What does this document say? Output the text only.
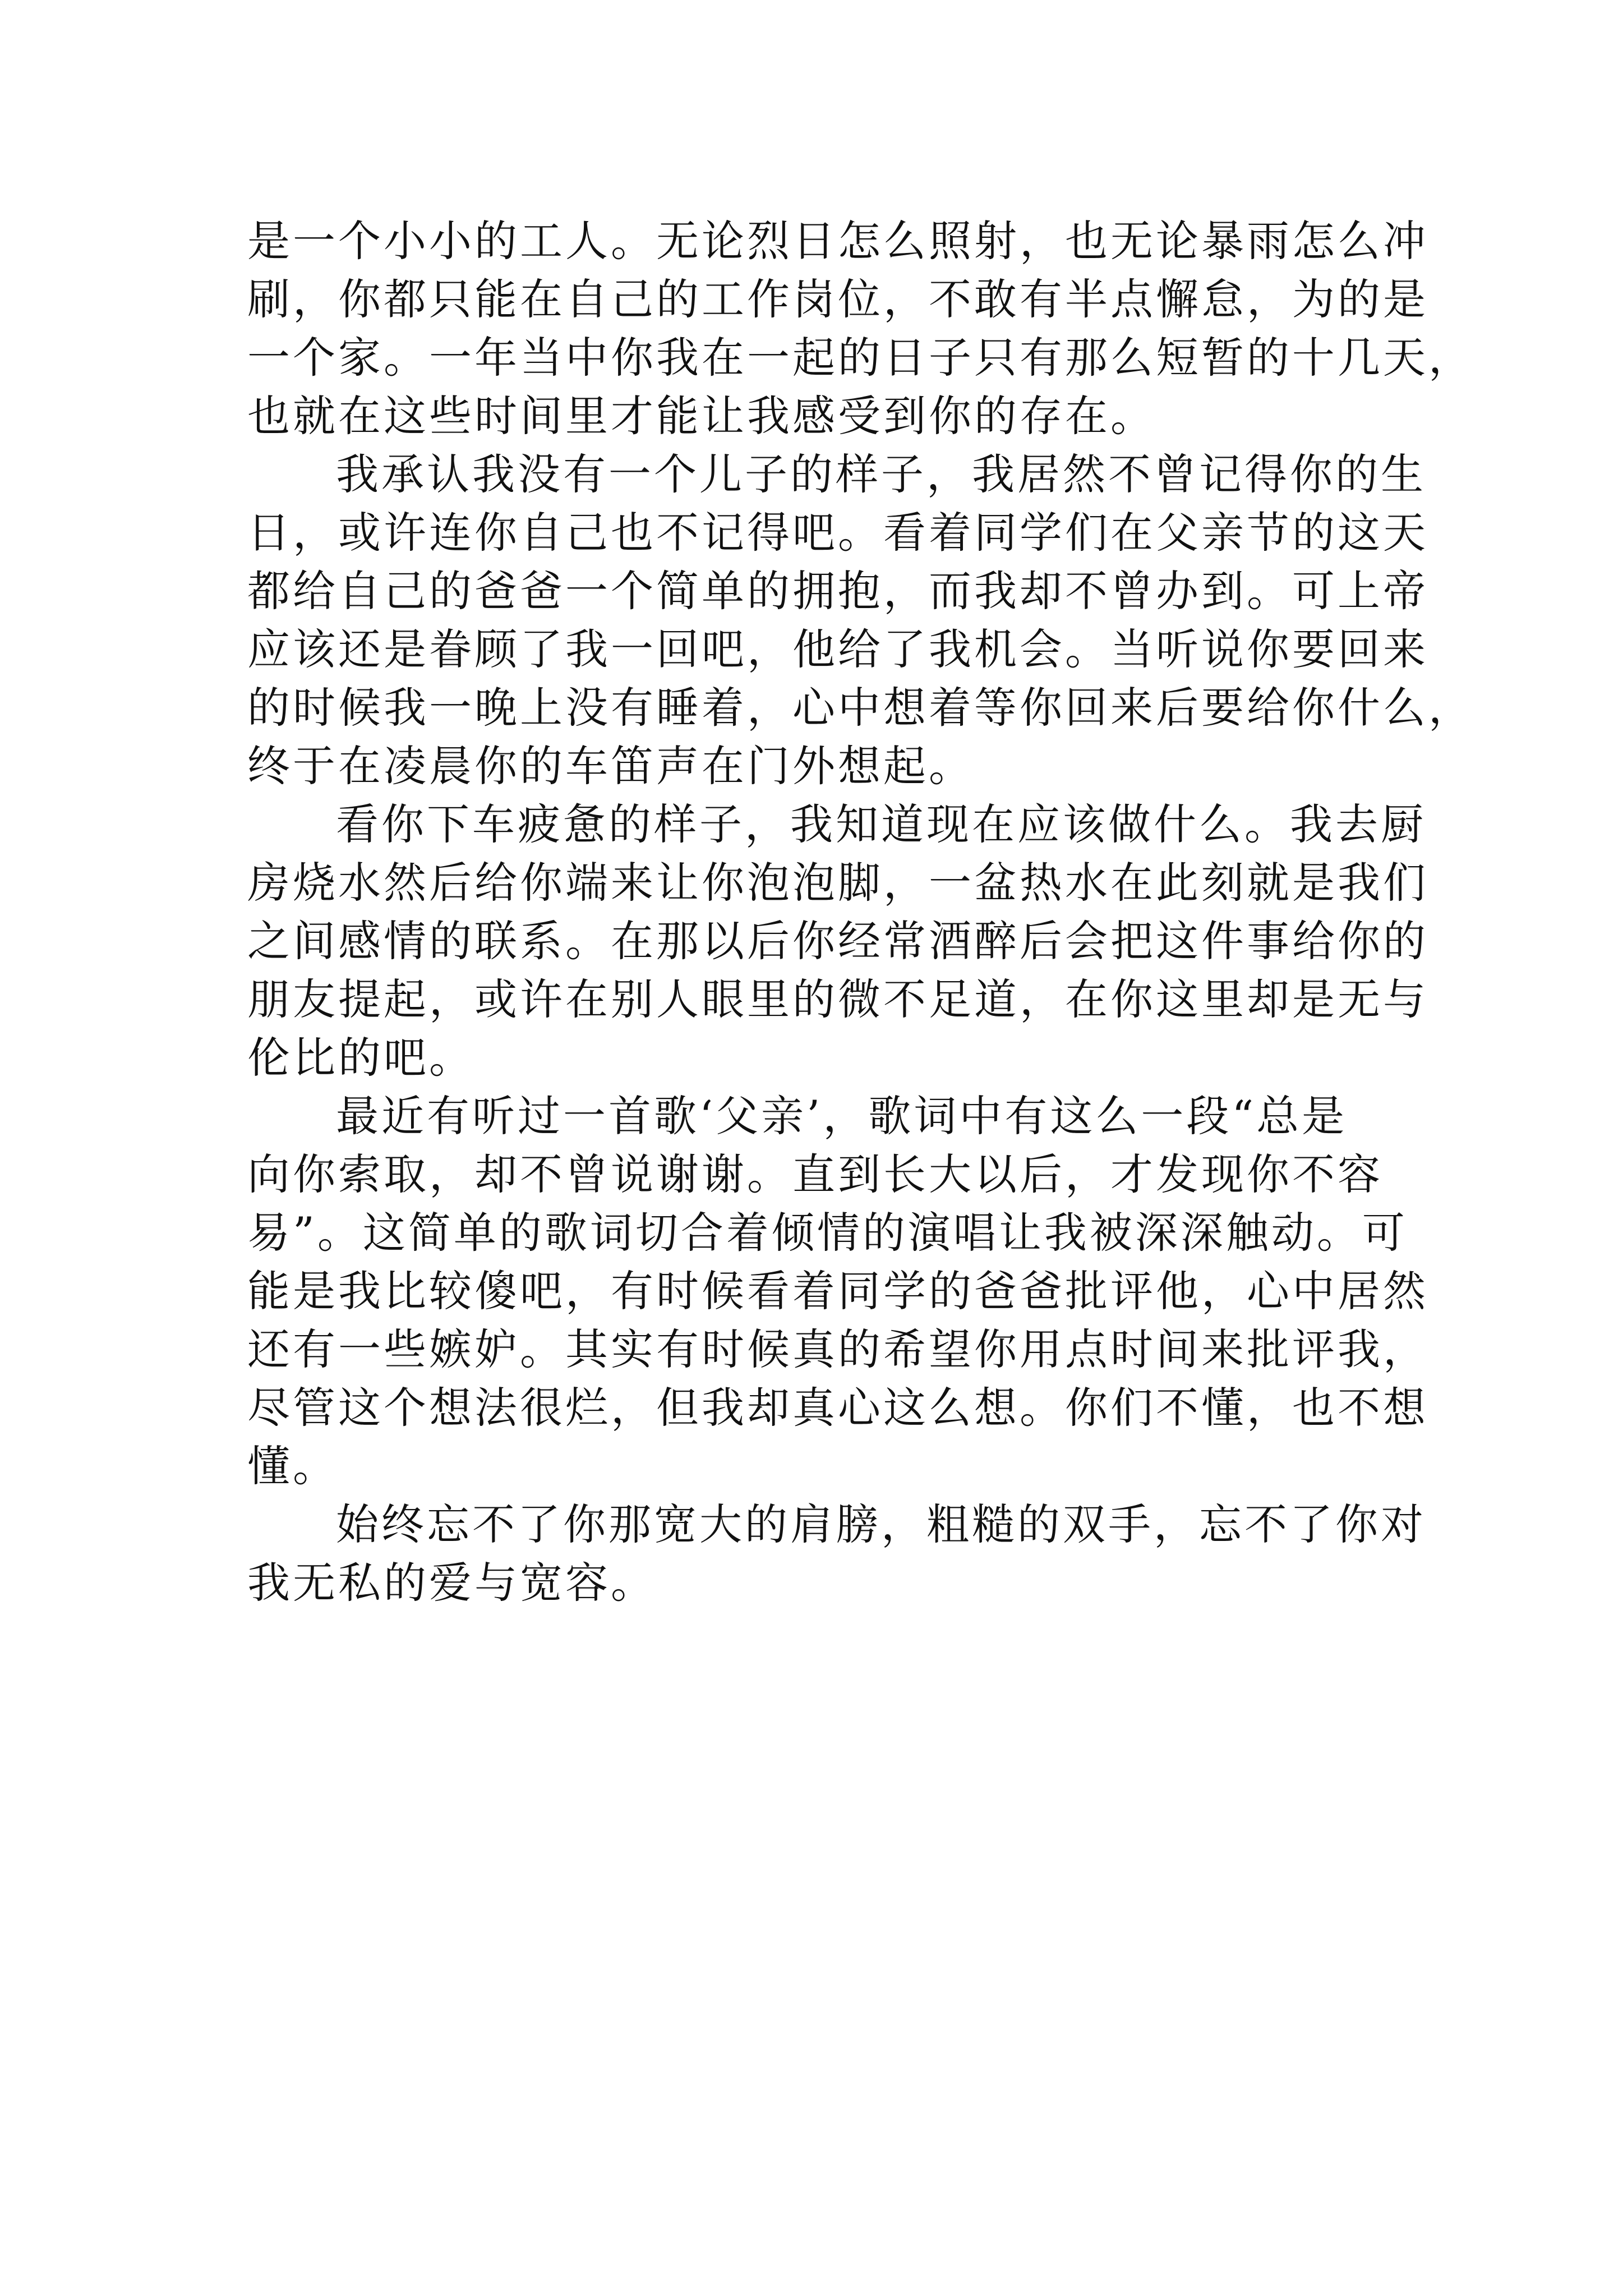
是一个小小的工人。无论烈日怎么照射，也无论暴雨怎么冲
刷，你都只能在自己的工作岗位，不敢有半点懈怠，为的是
一个家。一年当中你我在一起的日子只有那么短暂的十几天，
也就在这些时间里才能让我感受到你的存在。
我承认我没有一个儿子的样子，我居然不曾记得你的生
日，或许连你自己也不记得吧。看着同学们在父亲节的这天
都给自己的爸爸一个简单的拥抱，而我却不曾办到。可上帝
应该还是眷顾了我一回吧，他给了我机会。当听说你要回来
的时候我一晚上没有睡着，心中想着等你回来后要给你什么，
终于在凌晨你的车笛声在门外想起。
看你下车疲惫的样子，我知道现在应该做什么。我去厨
房烧水然后给你端来让你泡泡脚，一盆热水在此刻就是我们
之间感情的联系。在那以后你经常酒醉后会把这件事给你的
朋友提起，或许在别人眼里的微不足道，在你这里却是无与
伦比的吧。
最近有听过一首歌‘父亲’，歌词中有这么一段“总是
向你索取，却不曾说谢谢。直到长大以后，才发现你不容
易”。这简单的歌词切合着倾情的演唱让我被深深触动。可
能是我比较傻吧，有时候看着同学的爸爸批评他，心中居然
还有一些嫉妒。其实有时候真的希望你用点时间来批评我，
尽管这个想法很烂，但我却真心这么想。你们不懂，也不想
懂。
始终忘不了你那宽大的肩膀，粗糙的双手，忘不了你对
我无私的爱与宽容。
